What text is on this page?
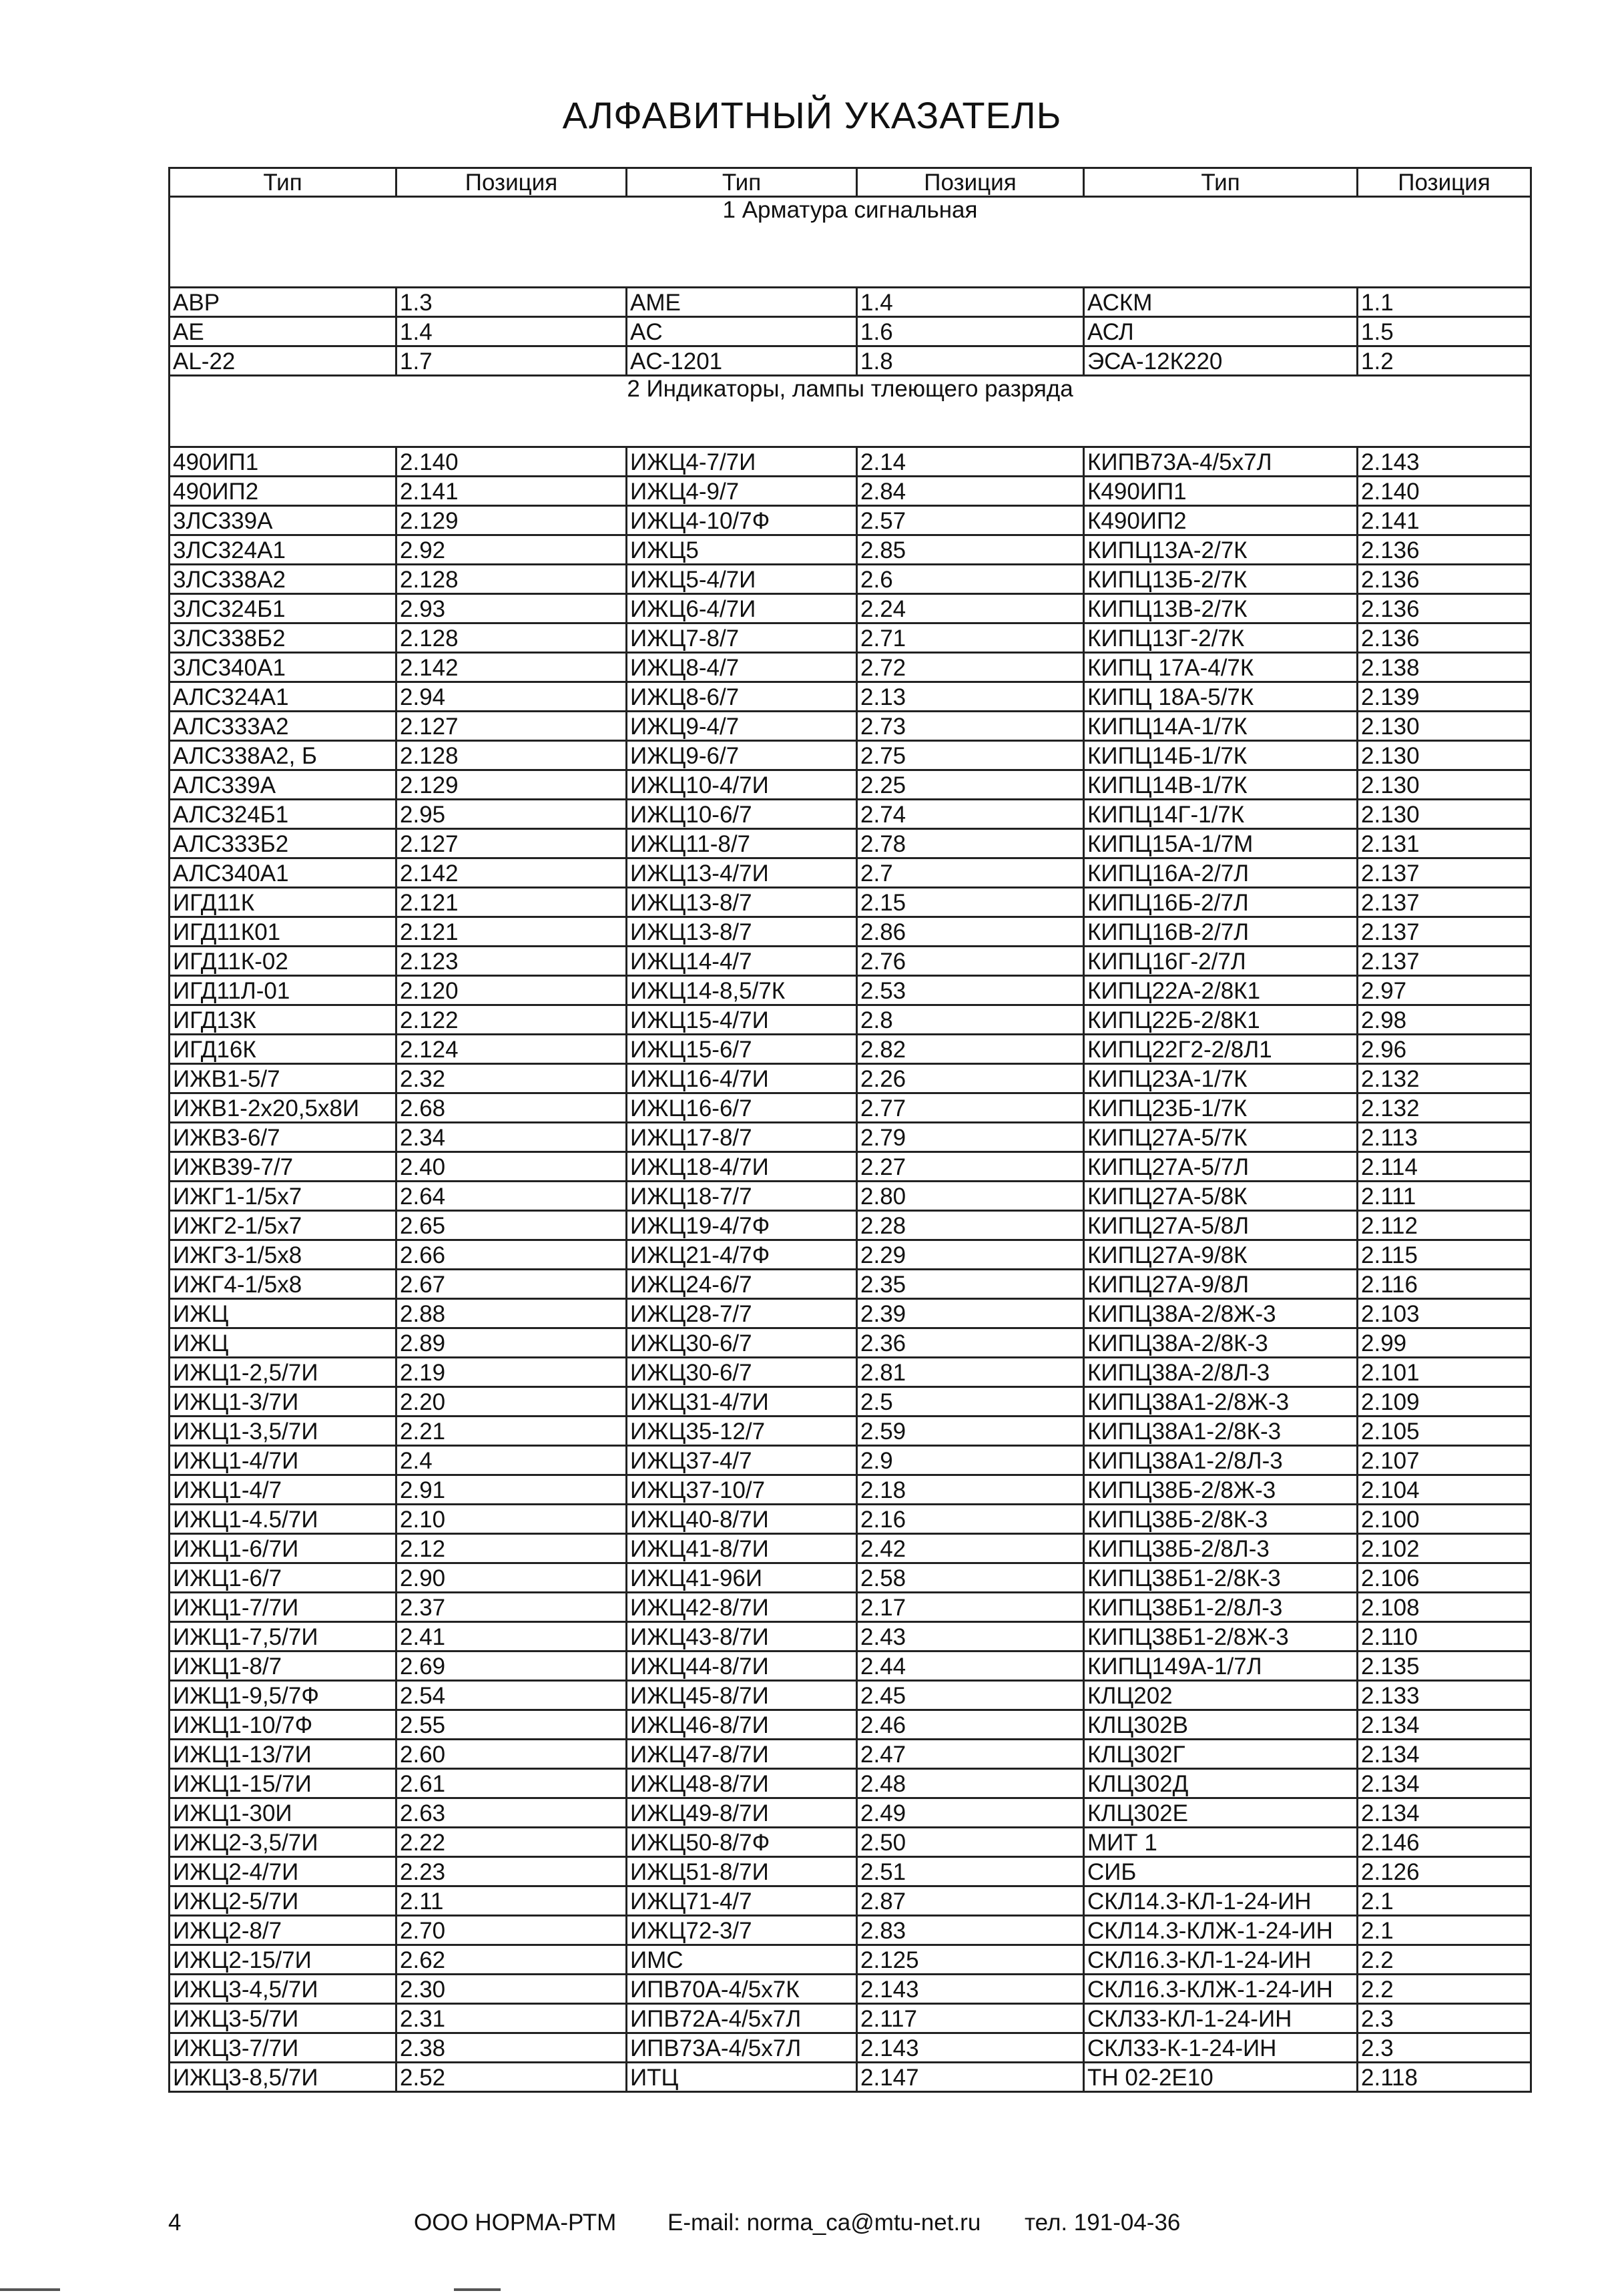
АЛФАВИТНЫЙ УКАЗАТЕЛЬ
Тип	Позиция	Тип	Позиция	Тип	Позиция
1 Арматура сигнальная					
АВР	1.3	AME	1.4	АСКМ	1.1
AE	1.4	AC	1.6	АСЛ	1.5
AL-22	1.7	AC-1201	1.8	ЭСА-12К220	1.2
2 Индикаторы, лампы тлеющего разряда					
490ИП1	2.140	ИЖЦ4-7/7И	2.14	КИПВ73А-4/5х7Л	2.143
490ИП2	2.141	ИЖЦ4-9/7	2.84	К490ИП1	2.140
3ЛС339А	2.129	ИЖЦ4-10/7Ф	2.57	К490ИП2	2.141
3ЛС324А1	2.92	ИЖЦ5	2.85	КИПЦ13А-2/7К	2.136
3ЛС338А2	2.128	ИЖЦ5-4/7И	2.6	КИПЦ13Б-2/7К	2.136
3ЛС324Б1	2.93	ИЖЦ6-4/7И	2.24	КИПЦ13В-2/7К	2.136
3ЛС338Б2	2.128	ИЖЦ7-8/7	2.71	КИПЦ13Г-2/7К	2.136
3ЛС340А1	2.142	ИЖЦ8-4/7	2.72	КИПЦ 17А-4/7К	2.138
АЛС324А1	2.94	ИЖЦ8-6/7	2.13	КИПЦ 18А-5/7К	2.139
АЛС333А2	2.127	ИЖЦ9-4/7	2.73	КИПЦ14А-1/7К	2.130
АЛС338А2, Б	2.128	ИЖЦ9-6/7	2.75	КИПЦ14Б-1/7К	2.130
АЛС339А	2.129	ИЖЦ10-4/7И	2.25	КИПЦ14В-1/7К	2.130
АЛС324Б1	2.95	ИЖЦ10-6/7	2.74	КИПЦ14Г-1/7К	2.130
АЛС333Б2	2.127	ИЖЦ11-8/7	2.78	КИПЦ15А-1/7М	2.131
АЛС340А1	2.142	ИЖЦ13-4/7И	2.7	КИПЦ16А-2/7Л	2.137
ИГД11К	2.121	ИЖЦ13-8/7	2.15	КИПЦ16Б-2/7Л	2.137
ИГД11К01	2.121	ИЖЦ13-8/7	2.86	КИПЦ16В-2/7Л	2.137
ИГД11К-02	2.123	ИЖЦ14-4/7	2.76	КИПЦ16Г-2/7Л	2.137
ИГД11Л-01	2.120	ИЖЦ14-8,5/7К	2.53	КИПЦ22А-2/8К1	2.97
ИГД13К	2.122	ИЖЦ15-4/7И	2.8	КИПЦ22Б-2/8К1	2.98
ИГД16К	2.124	ИЖЦ15-6/7	2.82	КИПЦ22Г2-2/8Л1	2.96
ИЖВ1-5/7	2.32	ИЖЦ16-4/7И	2.26	КИПЦ23А-1/7К	2.132
ИЖВ1-2х20,5х8И	2.68	ИЖЦ16-6/7	2.77	КИПЦ23Б-1/7К	2.132
ИЖВ3-6/7	2.34	ИЖЦ17-8/7	2.79	КИПЦ27А-5/7К	2.113
ИЖВ39-7/7	2.40	ИЖЦ18-4/7И	2.27	КИПЦ27А-5/7Л	2.114
ИЖГ1-1/5х7	2.64	ИЖЦ18-7/7	2.80	КИПЦ27А-5/8К	2.111
ИЖГ2-1/5х7	2.65	ИЖЦ19-4/7Ф	2.28	КИПЦ27А-5/8Л	2.112
ИЖГ3-1/5х8	2.66	ИЖЦ21-4/7Ф	2.29	КИПЦ27А-9/8К	2.115
ИЖГ4-1/5х8	2.67	ИЖЦ24-6/7	2.35	КИПЦ27А-9/8Л	2.116
ИЖЦ	2.88	ИЖЦ28-7/7	2.39	КИПЦ38А-2/8Ж-3	2.103
ИЖЦ	2.89	ИЖЦ30-6/7	2.36	КИПЦ38А-2/8К-3	2.99
ИЖЦ1-2,5/7И	2.19	ИЖЦ30-6/7	2.81	КИПЦ38А-2/8Л-3	2.101
ИЖЦ1-3/7И	2.20	ИЖЦ31-4/7И	2.5	КИПЦ38А1-2/8Ж-3	2.109
ИЖЦ1-3,5/7И	2.21	ИЖЦ35-12/7	2.59	КИПЦ38А1-2/8К-3	2.105
ИЖЦ1-4/7И	2.4	ИЖЦ37-4/7	2.9	КИПЦ38А1-2/8Л-3	2.107
ИЖЦ1-4/7	2.91	ИЖЦ37-10/7	2.18	КИПЦ38Б-2/8Ж-3	2.104
ИЖЦ1-4.5/7И	2.10	ИЖЦ40-8/7И	2.16	КИПЦ38Б-2/8К-3	2.100
ИЖЦ1-6/7И	2.12	ИЖЦ41-8/7И	2.42	КИПЦ38Б-2/8Л-3	2.102
ИЖЦ1-6/7	2.90	ИЖЦ41-96И	2.58	КИПЦ38Б1-2/8К-3	2.106
ИЖЦ1-7/7И	2.37	ИЖЦ42-8/7И	2.17	КИПЦ38Б1-2/8Л-3	2.108
ИЖЦ1-7,5/7И	2.41	ИЖЦ43-8/7И	2.43	КИПЦ38Б1-2/8Ж-3	2.110
ИЖЦ1-8/7	2.69	ИЖЦ44-8/7И	2.44	КИПЦ149А-1/7Л	2.135
ИЖЦ1-9,5/7Ф	2.54	ИЖЦ45-8/7И	2.45	КЛЦ202	2.133
ИЖЦ1-10/7Ф	2.55	ИЖЦ46-8/7И	2.46	КЛЦ302В	2.134
ИЖЦ1-13/7И	2.60	ИЖЦ47-8/7И	2.47	КЛЦ302Г	2.134
ИЖЦ1-15/7И	2.61	ИЖЦ48-8/7И	2.48	КЛЦ302Д	2.134
ИЖЦ1-30И	2.63	ИЖЦ49-8/7И	2.49	КЛЦ302Е	2.134
ИЖЦ2-3,5/7И	2.22	ИЖЦ50-8/7Ф	2.50	МИТ 1	2.146
ИЖЦ2-4/7И	2.23	ИЖЦ51-8/7И	2.51	СИБ	2.126
ИЖЦ2-5/7И	2.11	ИЖЦ71-4/7	2.87	СКЛ14.3-КЛ-1-24-ИН	2.1
ИЖЦ2-8/7	2.70	ИЖЦ72-3/7	2.83	СКЛ14.3-КЛЖ-1-24-ИН	2.1
ИЖЦ2-15/7И	2.62	ИМС	2.125	СКЛ16.3-КЛ-1-24-ИН	2.2
ИЖЦ3-4,5/7И	2.30	ИПВ70А-4/5х7К	2.143	СКЛ16.3-КЛЖ-1-24-ИН	2.2
ИЖЦ3-5/7И	2.31	ИПВ72А-4/5х7Л	2.117	СКЛ33-КЛ-1-24-ИН	2.3
ИЖЦ3-7/7И	2.38	ИПВ73А-4/5х7Л	2.143	СКЛ33-К-1-24-ИН	2.3
ИЖЦ3-8,5/7И	2.52	ИТЦ	2.147	ТН 02-2Е10	2.118
4	ООО НОРМА-РТМ E-mail: norma_ca@mtu-net.ru тел. 191-04-36
